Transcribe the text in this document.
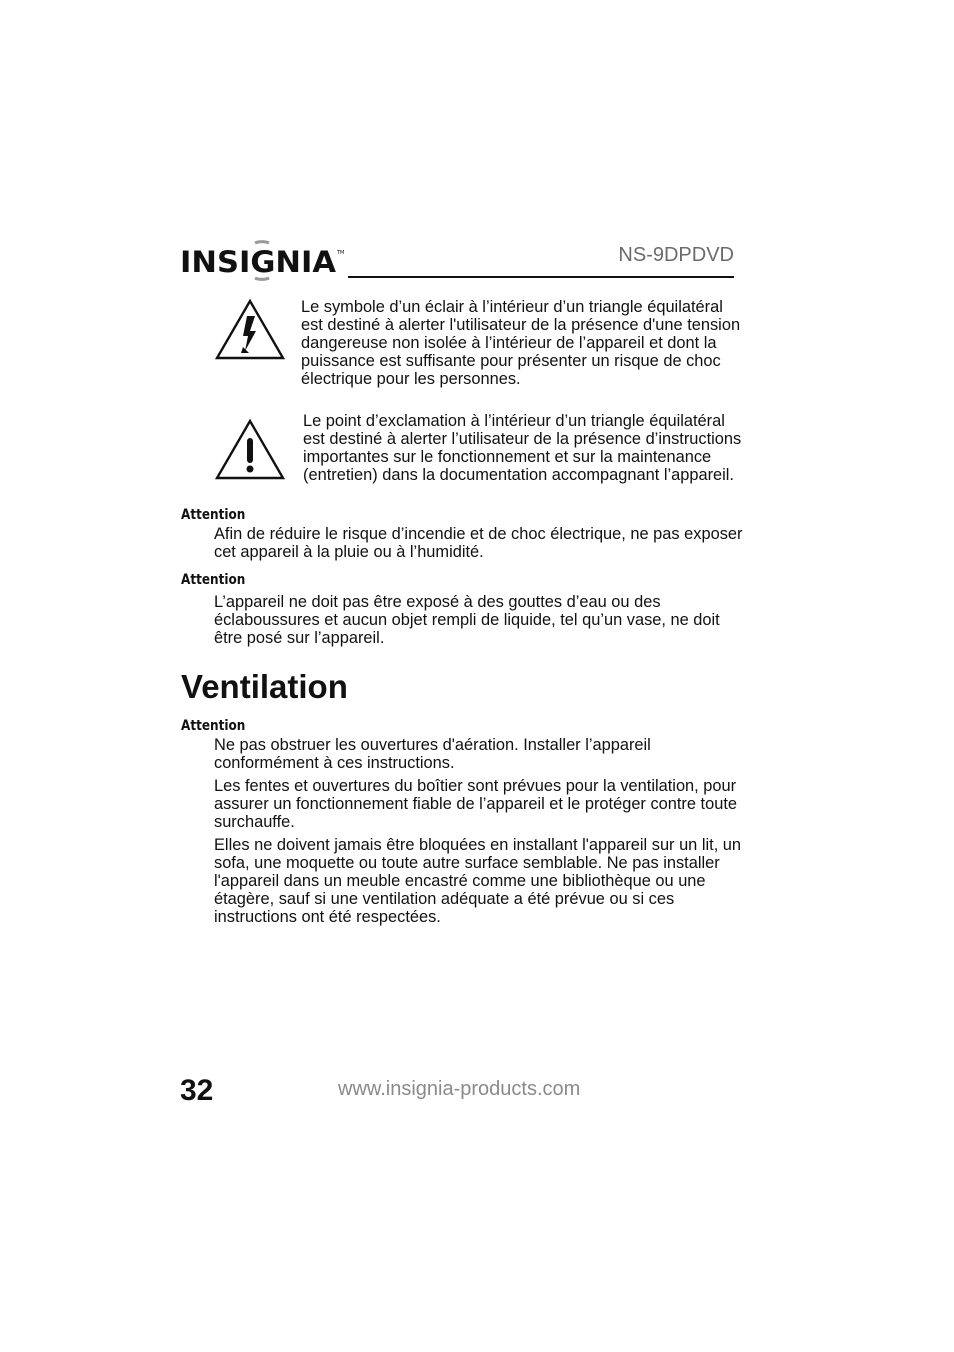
INSIGNIA TM	NS-9DPDVD
Le symbole d’un éclair à l’intérieur d’un triangle équilatéral est destiné à alerter l'utilisateur de la présence d'une tension dangereuse non isolée à l’intérieur de l’appareil et dont la puissance est suffisante pour présenter un risque de choc électrique pour les personnes.
Le point d’exclamation à l’intérieur d’un triangle équilatéral est destiné à alerter l’utilisateur de la présence d’instructions importantes sur le fonctionnement et sur la maintenance (entretien) dans la documentation accompagnant l’appareil.
Attention
Afin de réduire le risque d’incendie et de choc électrique, ne pas exposer cet appareil à la pluie ou à l’humidité.
Attention
L’appareil ne doit pas être exposé à des gouttes d’eau ou des éclaboussures et aucun objet rempli de liquide, tel qu’un vase, ne doit être posé sur l’appareil.
Ventilation
Attention
Ne pas obstruer les ouvertures d'aération. Installer l’appareil conformément à ces instructions.
Les fentes et ouvertures du boîtier sont prévues pour la ventilation, pour assurer un fonctionnement fiable de l’appareil et le protéger contre toute surchauffe.
Elles ne doivent jamais être bloquées en installant l'appareil sur un lit, un sofa, une moquette ou toute autre surface semblable. Ne pas installer l'appareil dans un meuble encastré comme une bibliothèque ou une étagère, sauf si une ventilation adéquate a été prévue ou si ces instructions ont été respectées.
32	www.insignia-products.com
